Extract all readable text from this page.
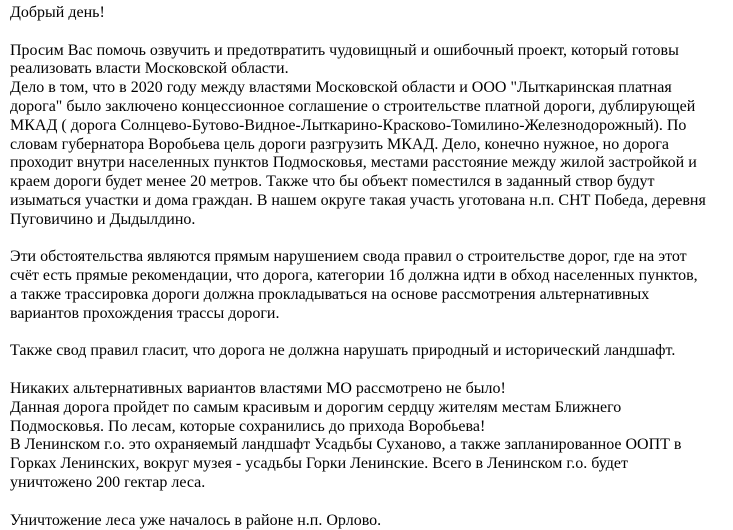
Добрый день!

Просим Вас помочь озвучить и предотвратить чудовищный и ошибочный проект, который готовы

реализовать власти Московской области.

Дело в том, что в 2020 году между властями Московской области и ООО "Лыткаринская платная

дорога" было заключено концессионное соглашение о строительстве платной дороги, дублирующей

МКАД ( дорога Солнцево-Бутово-Видное-Лыткарино-Красково-Томилино-Железнодорожный). По

словам губернатора Воробьева цель дороги разгрузить МКАД. Дело, конечно нужное, но дорога

проходит внутри населенных пунктов Подмосковья, местами расстояние между жилой застройкой и

краем дороги будет менее 20 метров. Также что бы объект поместился в заданный створ будут

изыматься участки и дома граждан. В нашем округе такая участь уготована н.п. СНТ Победа, деревня

Пуговичино и Дыдылдино.

Эти обстоятельства являются прямым нарушением свода правил о строительстве дорог, где на этот

счёт есть прямые рекомендации, что дорога, категории 1б должна идти в обход населенных пунктов,

а также трассировка дороги должна прокладываться на основе рассмотрения альтернативных

вариантов прохождения трассы дороги.

Также свод правил гласит, что дорога не должна нарушать природный и исторический ландшафт.

Никаких альтернативных вариантов властями МО рассмотрено не было!

Данная дорога пройдет по самым красивым и дорогим сердцу жителям местам Ближнего

Подмосковья. По лесам, которые сохранились до прихода Воробьева!

В Ленинском г.о. это охраняемый ландшафт Усадьбы Суханово, а также запланированное ООПТ в

Горках Ленинских, вокруг музея - усадьбы Горки Ленинские. Всего в Ленинском г.о. будет

уничтожено 200 гектар леса.

Уничтожение леса уже началось в районе н.п. Орлово.
